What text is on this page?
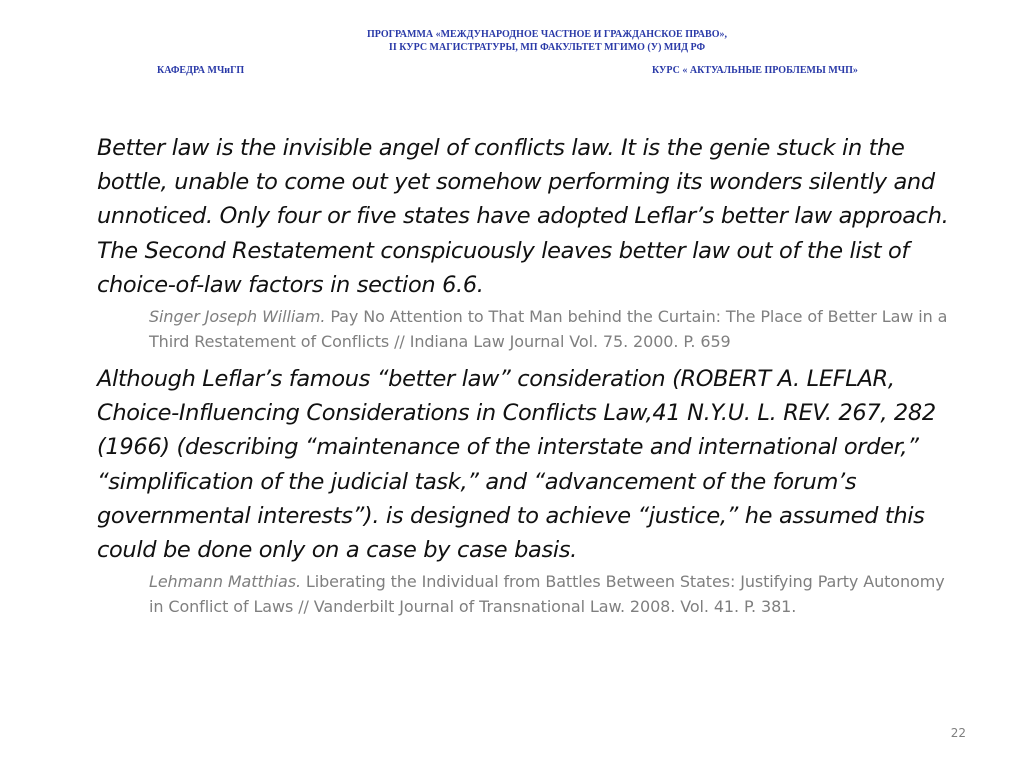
ПРОГРАММА «МЕЖДУНАРОДНОЕ ЧАСТНОЕ И ГРАЖДАНСКОЕ ПРАВО»,
II КУРС МАГИСТРАТУРЫ, МП ФАКУЛЬТЕТ МГИМО (У) МИД РФ
КАФЕДРА МЧиГП	КУРС « АКТУАЛЬНЫЕ ПРОБЛЕМЫ МЧП»

Better law is the invisible angel of conflicts law. It is the genie stuck in the bottle, unable to come out yet somehow performing its wonders silently and unnoticed. Only four or five states have adopted Leflar’s better law approach. The Second Restatement conspicuously leaves better law out of the list of choice-of-law factors in section 6.6.

Singer Joseph William. Pay No Attention to That Man behind the Curtain: The Place of Better Law in a Third Restatement of Conflicts // Indiana Law Journal Vol. 75. 2000. P. 659

Although Leflar’s famous “better law” consideration (ROBERT A. LEFLAR, Choice-Influencing Considerations in Conflicts Law,41 N.Y.U. L. REV. 267, 282 (1966) (describing “maintenance of the interstate and international order,” “simplification of the judicial task,” and “advancement of the forum’s governmental interests”). is designed to achieve “justice,” he assumed this could be done only on a case by case basis.

Lehmann Matthias. Liberating the Individual from Battles Between States: Justifying Party Autonomy in Conflict of Laws // Vanderbilt Journal of Transnational Law. 2008. Vol. 41. P. 381.
22
